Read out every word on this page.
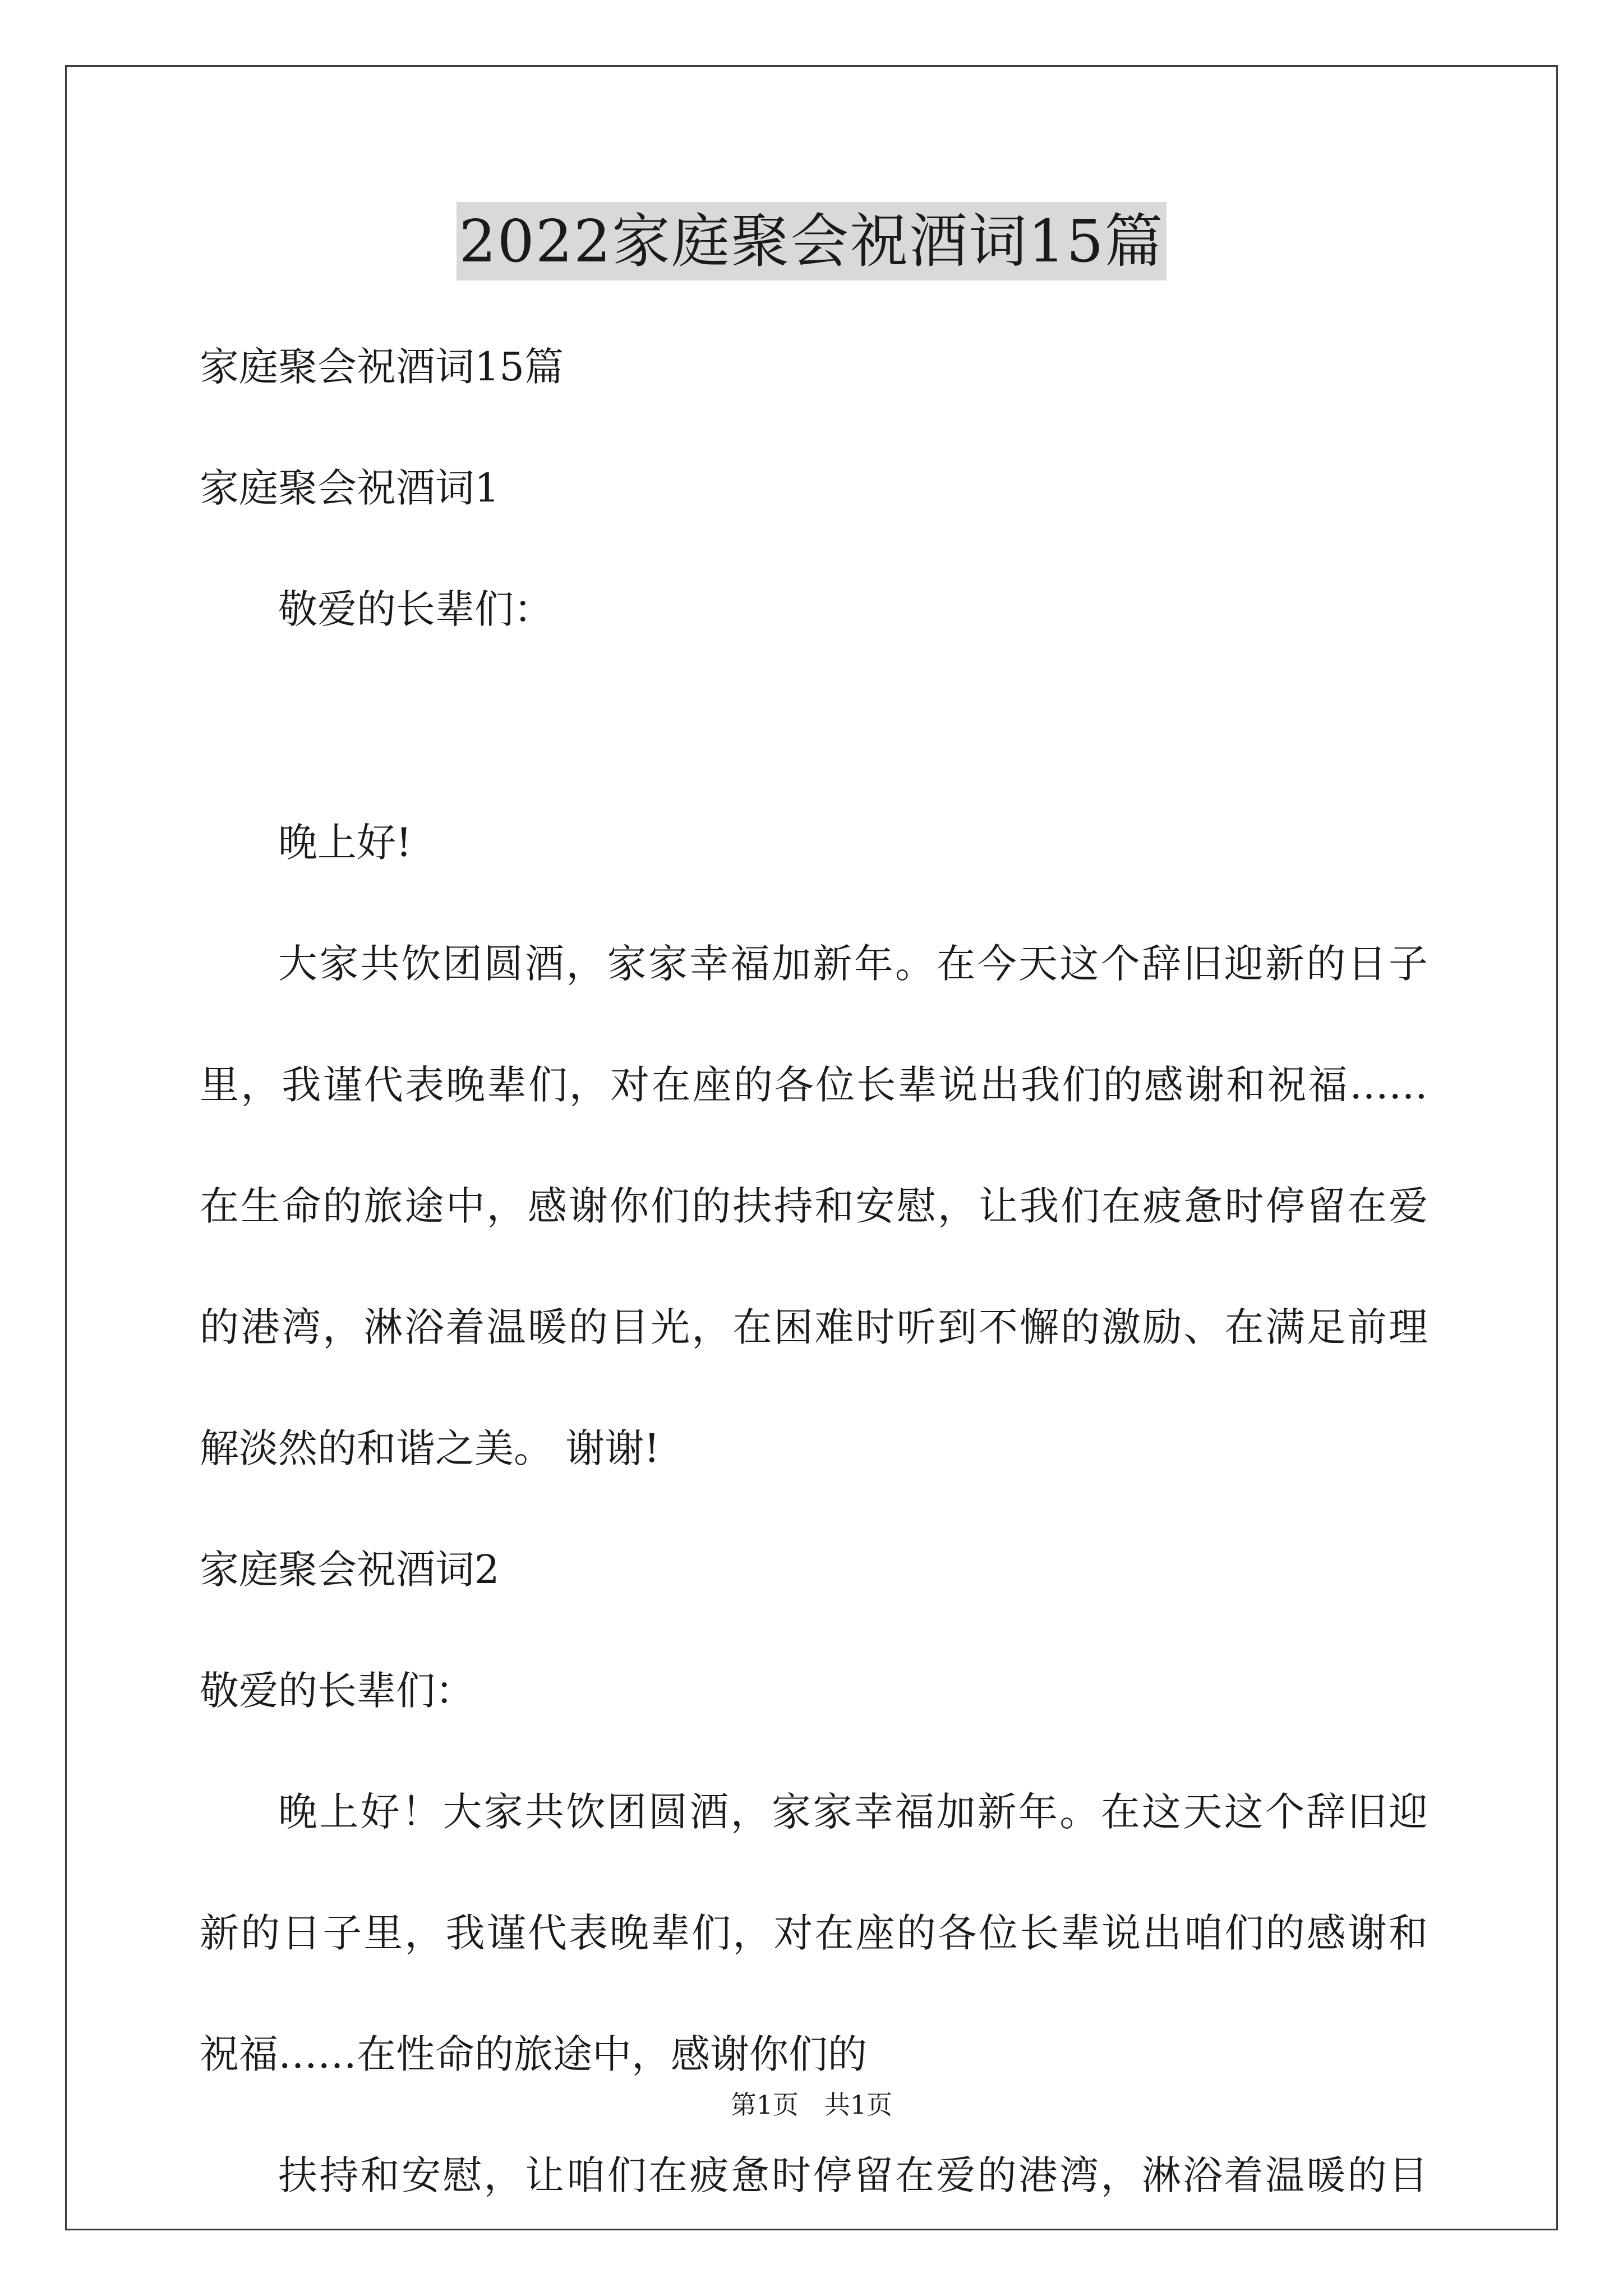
2022家庭聚会祝酒词15篇

家庭聚会祝酒词15篇

家庭聚会祝酒词1

敬爱的长辈们：

晚上好!

大家共饮团圆酒，家家幸福加新年。在今天这个辞旧迎新的日子

里，我谨代表晚辈们，对在座的各位长辈说出我们的感谢和祝福……

在生命的旅途中，感谢你们的扶持和安慰，让我们在疲惫时停留在爱

的港湾，淋浴着温暖的目光，在困难时听到不懈的激励、在满足前理

解淡然的和谐之美。 谢谢!

家庭聚会祝酒词2

敬爱的长辈们：

晚上好！大家共饮团圆酒，家家幸福加新年。在这天这个辞旧迎

新的日子里，我谨代表晚辈们，对在座的各位长辈说出咱们的感谢和

祝福……在性命的旅途中，感谢你们的

扶持和安慰，让咱们在疲惫时停留在爱的港湾，淋浴着温暖的目

第1页　共1页
